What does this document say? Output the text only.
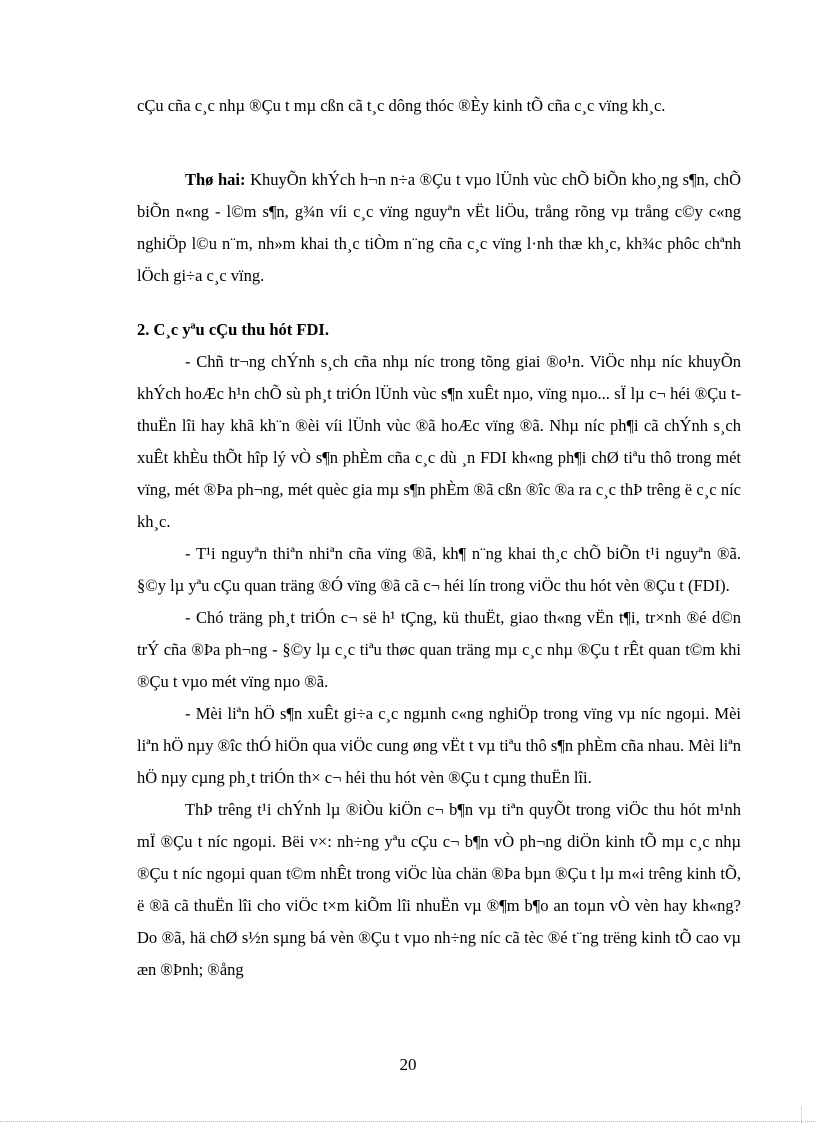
cÇu cña c¸c nhµ ®Çu t mµ cßn cã t¸c dông thóc ®Èy kinh tÕ cña c¸c vïng kh¸c.

Thø hai: KhuyÕn khÝch h¬n n÷a ®Çu t vµo lÜnh vùc chÕ biÕn kho¸ng s¶n, chÕ biÕn n«ng - l©m s¶n, g¾n víi c¸c vïng nguyªn vËt liÖu, trång rõng vµ trång c©y c«ng nghiÖp l©u n¨m, nh»m khai th¸c tiÒm n¨ng cña c¸c vïng l·nh thæ kh¸c, kh¾c phôc chªnh lÖch gi÷a c¸c vïng.

2. C¸c yªu cÇu thu hót FDI.

- Chñ tr¬ng chÝnh s¸ch cña nhµ níc trong tõng giai ®o¹n. ViÖc nhµ níc khuyÕn khÝch hoÆc h¹n chÕ sù ph¸t triÓn lÜnh vùc s¶n xuÊt nµo, vïng nµo... sÏ lµ c¬ héi ®Çu t thuËn lîi hay khã kh¨n ®èi víi lÜnh vùc ®ã hoÆc vïng ®ã. Nhµ níc ph¶i cã chÝnh s¸ch xuÊt khÈu thÕt hîp lý vÒ s¶n phÈm cña c¸c dù ¸n FDI kh«ng ph¶i chØ tiªu thô trong mét vïng, mét ®Þa ph¬ng, mét quèc gia mµ s¶n phÈm ®ã cßn ®îc ®a ra c¸c thÞ trêng ë c¸c níc kh¸c.

- T¹i nguyªn thiªn nhiªn cña vïng ®ã, kh¶ n¨ng khai th¸c chÕ biÕn t¹i nguyªn ®ã. §©y lµ yªu cÇu quan träng ®Ó vïng ®ã cã c¬ héi lín trong viÖc thu hót vèn ®Çu t (FDI).

- Chó träng ph¸t triÓn c¬ së h¹ tÇng, kü thuËt, giao th«ng vËn t¶i, tr×nh ®é d©n trÝ cña ®Þa ph¬ng - §©y lµ c¸c tiªu thøc quan träng mµ c¸c nhµ ®Çu t rÊt quan t©m khi ®Çu t vµo mét vïng nµo ®ã.

- Mèi liªn hÖ s¶n xuÊt gi÷a c¸c ngµnh c«ng nghiÖp trong vïng vµ níc ngoµi. Mèi liªn hÖ nµy ®îc thÓ hiÖn qua viÖc cung øng vËt t vµ tiªu thô s¶n phÈm cña nhau. Mèi liªn hÖ nµy cµng ph¸t triÓn th× c¬ héi thu hót vèn ®Çu t cµng thuËn lîi.

ThÞ trêng t¹i chÝnh lµ ®iÒu kiÖn c¬ b¶n vµ tiªn quyÕt trong viÖc thu hót m¹nh mÏ ®Çu t níc ngoµi. Bëi v×: nh÷ng yªu cÇu c¬ b¶n vÒ ph¬ng diÖn kinh tÕ mµ c¸c nhµ ®Çu t níc ngoµi quan t©m nhÊt trong viÖc lùa chän ®Þa bµn ®Çu t lµ m«i trêng kinh tÕ, ë ®ã cã thuËn lîi cho viÖc t×m kiÕm lîi nhuËn vµ ®¶m b¶o an toµn vÒ vèn hay kh«ng? Do ®ã, hä chØ s½n sµng bá vèn ®Çu t vµo nh÷ng níc cã tèc ®é t¨ng trëng kinh tÕ cao vµ æn ®Þnh; ®ång

20
